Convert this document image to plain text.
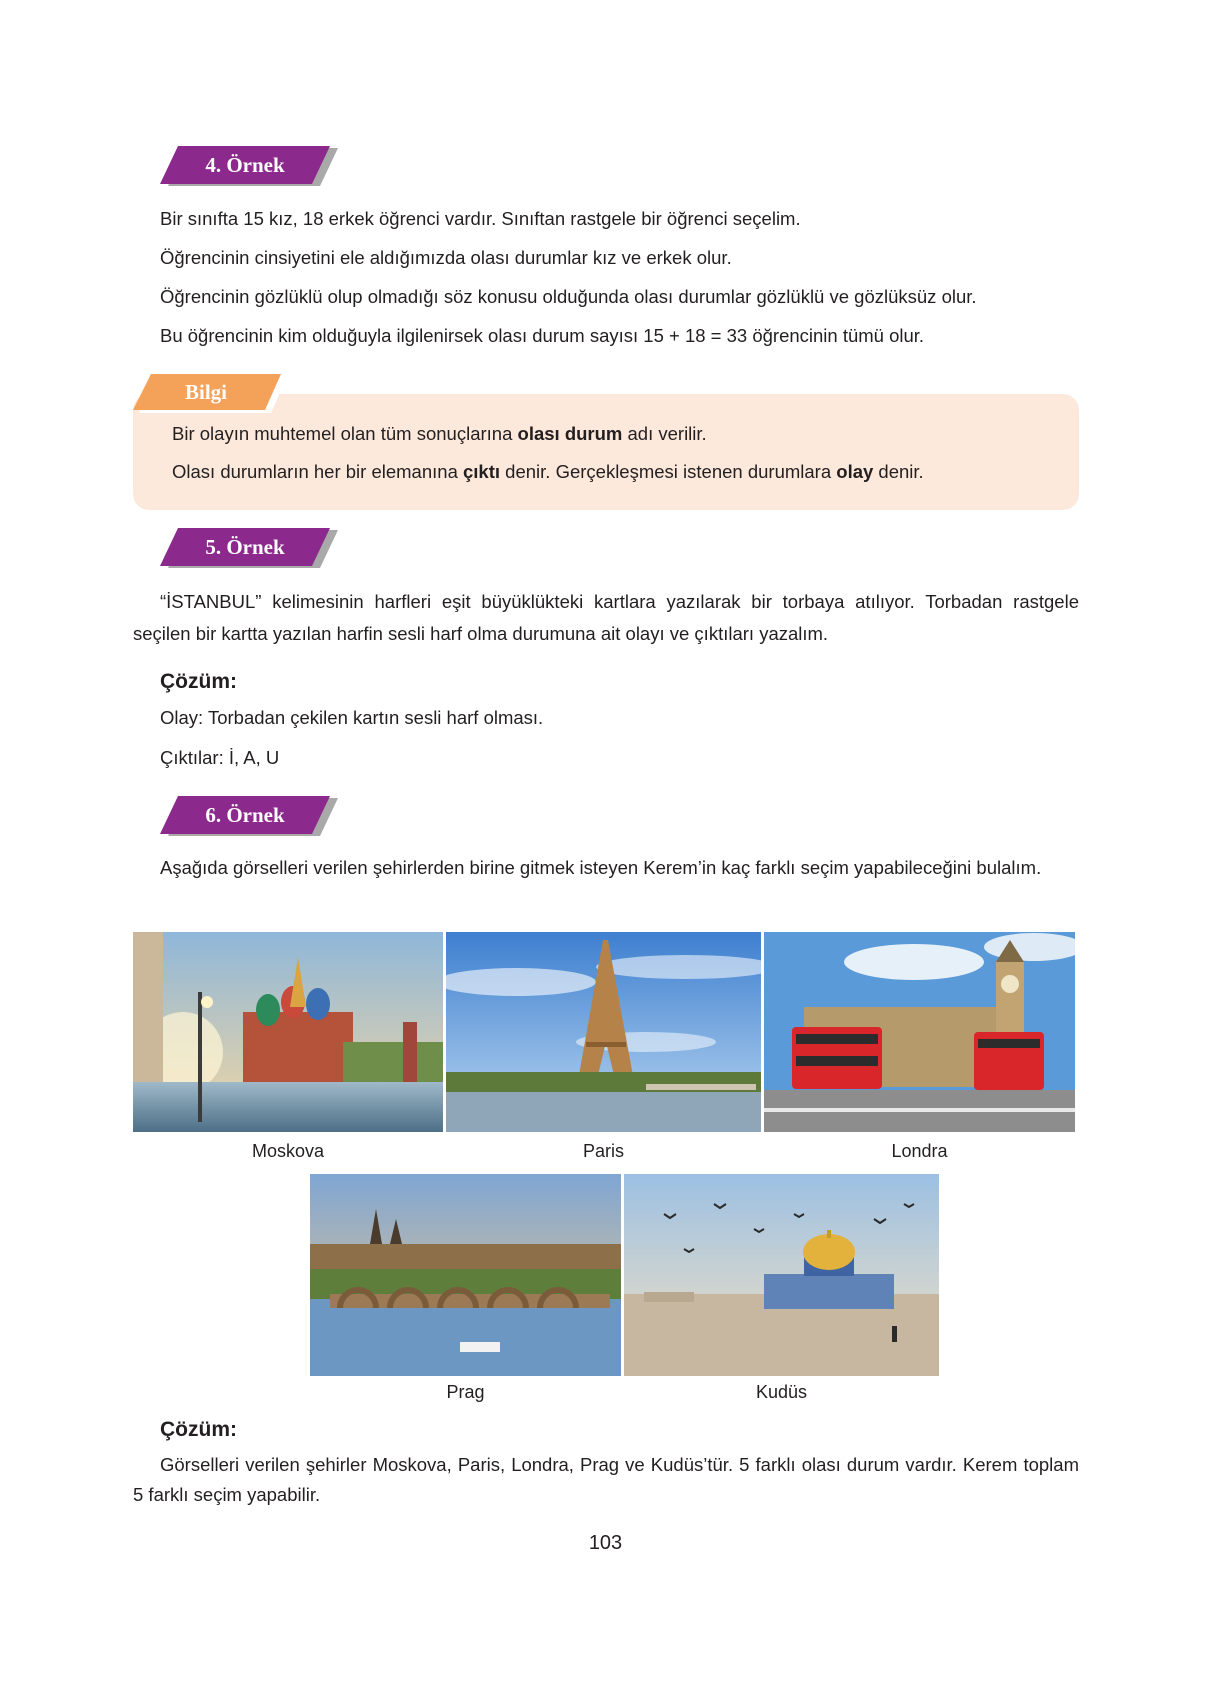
4. Örnek
Bir sınıfta 15 kız, 18 erkek öğrenci vardır. Sınıftan rastgele bir öğrenci seçelim.
Öğrencinin cinsiyetini ele aldığımızda olası durumlar kız ve erkek olur.
Öğrencinin gözlüklü olup olmadığı söz konusu olduğunda olası durumlar gözlüklü ve gözlüksüz olur.
Bu öğrencinin kim olduğuyla ilgilenirsek olası durum sayısı 15 + 18 = 33 öğrencinin tümü olur.
Bilgi
Bir olayın muhtemel olan tüm sonuçlarına olası durum adı verilir.
Olası durumların her bir elemanına çıktı denir. Gerçekleşmesi istenen durumlara olay denir.
5. Örnek
“İSTANBUL” kelimesinin harfleri eşit büyüklükteki kartlara yazılarak bir torbaya atılıyor. Torbadan rastgele seçilen bir kartta yazılan harfin sesli harf olma durumuna ait olayı ve çıktıları yazalım.
Çözüm:
Olay: Torbadan çekilen kartın sesli harf olması.
Çıktılar: İ, A, U
6. Örnek
Aşağıda görselleri verilen şehirlerden birine gitmek isteyen Kerem’in kaç farklı seçim yapabileceğini bulalım.
Moskova	Paris	Londra
Prag	Kudüs
Çözüm:
Görselleri verilen şehirler Moskova, Paris, Londra, Prag ve Kudüs’tür. 5 farklı olası durum vardır. Kerem toplam 5 farklı seçim yapabilir.
103
